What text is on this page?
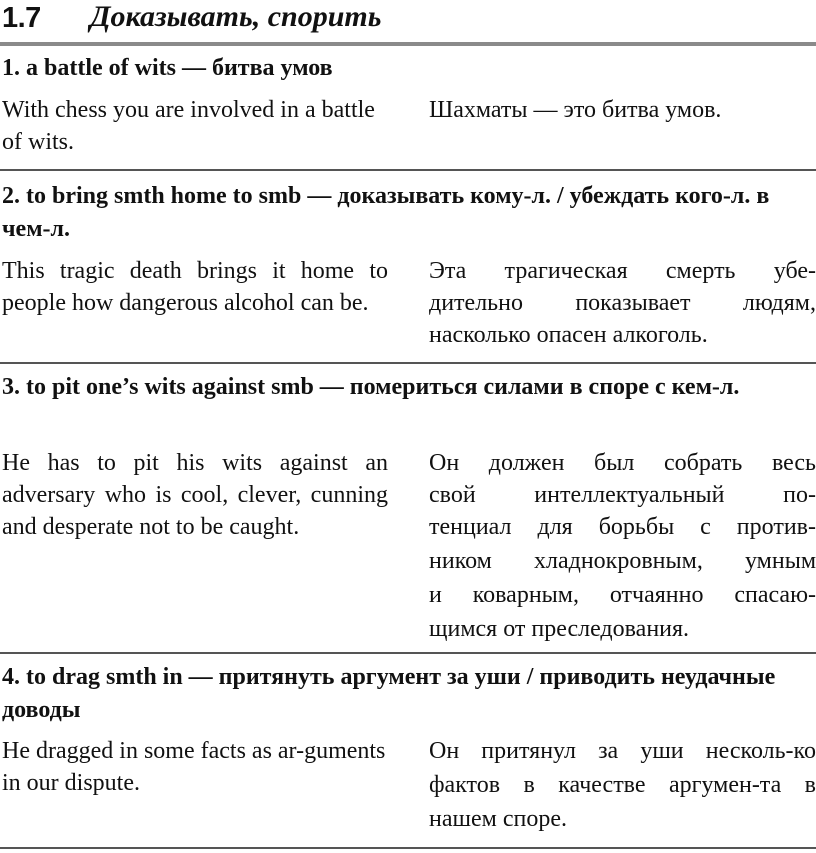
1.7 Доказывать, спорить
1. a battle of wits — битва умов
With chess you are involved in a battle of wits.
Шахматы — это битва умов.
2. to bring smth home to smb — доказывать кому-л. / убеждать кого-л. в чем-л.
This tragic death brings it home to people how dangerous alcohol can be.
Эта трагическая смерть убе-
дительно показывает людям,
насколько опасен алкоголь.
3. to pit one’s wits against smb — помериться силами в споре с кем-л.
He has to pit his wits against an adversary who is cool, clever, cunning and desperate not to be caught.
Он должен был собрать весь
свой интеллектуальный по-
тенциал для борьбы с против-
ником хладнокровным, умным
и коварным, отчаянно спасаю-
щимся от преследования.
4. to drag smth in — притянуть аргумент за уши / приводить неудачные доводы
He dragged in some facts as ar-guments in our dispute.
Он притянул за уши несколь-ко
фактов в качестве аргумен-та в
нашем споре.
